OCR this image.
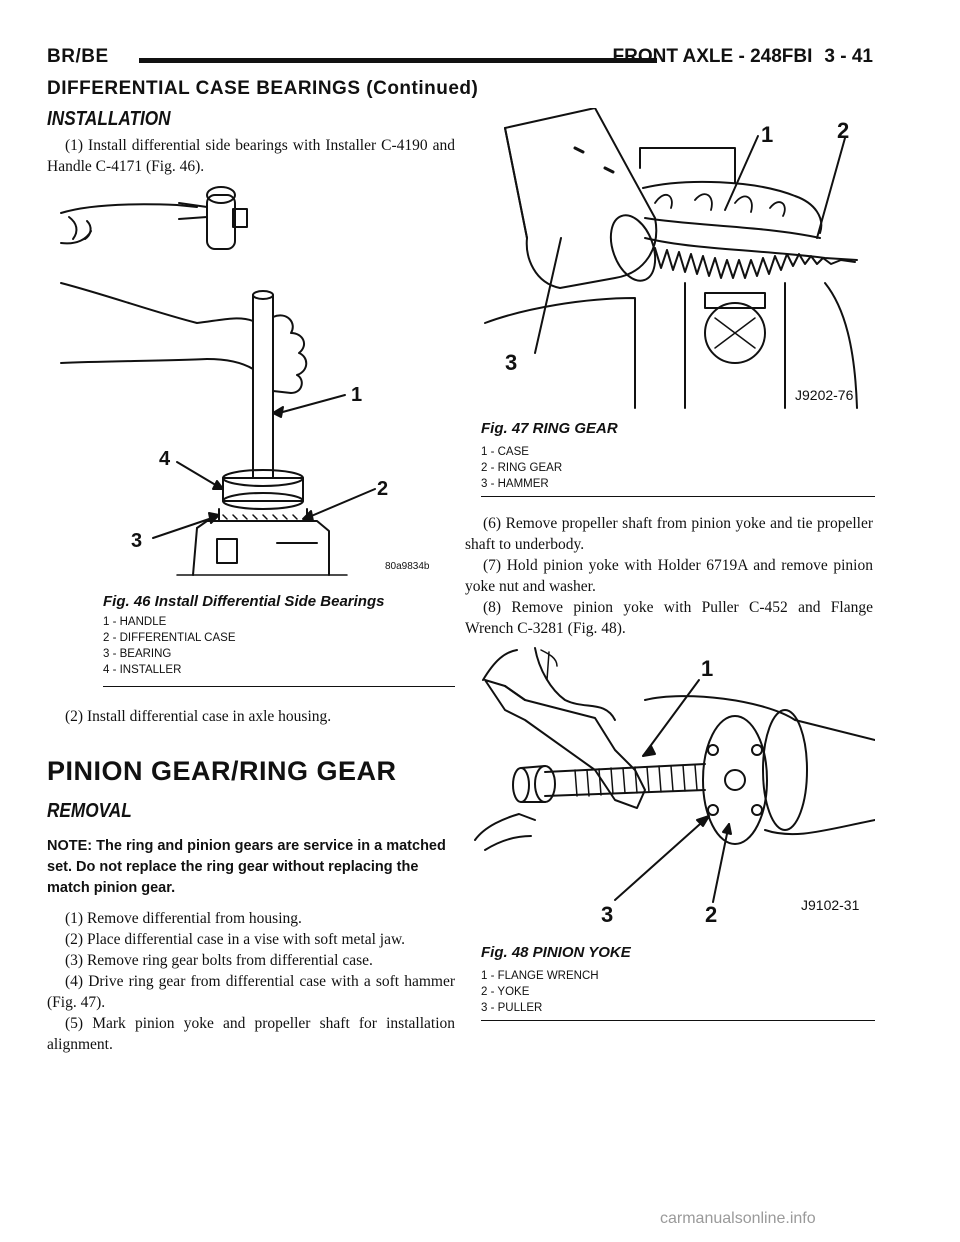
BR/BE	FRONT AXLE - 248FBI 3 - 41
DIFFERENTIAL CASE BEARINGS (Continued)
INSTALLATION

(1) Install differential side bearings with Installer C-4190 and Handle C-4171 (Fig. 46).

1
2
3
4
80a9834b
Fig. 46 Install Differential Side Bearings
1 - HANDLE
2 - DIFFERENTIAL CASE
3 - BEARING
4 - INSTALLER

(2) Install differential case in axle housing.

PINION GEAR/RING GEAR
REMOVAL

NOTE: The ring and pinion gears are service in a matched set. Do not replace the ring gear without replacing the match pinion gear.

(1) Remove differential from housing.

(2) Place differential case in a vise with soft metal jaw.

(3) Remove ring gear bolts from differential case.

(4) Drive ring gear from differential case with a soft hammer (Fig. 47).

(5) Mark pinion yoke and propeller shaft for installation alignment.

1	2
3
J9202-76
Fig. 47 RING GEAR
1 - CASE
2 - RING GEAR
3 - HAMMER

(6) Remove propeller shaft from pinion yoke and tie propeller shaft to underbody.

(7) Hold pinion yoke with Holder 6719A and remove pinion yoke nut and washer.

(8) Remove pinion yoke with Puller C-452 and Flange Wrench C-3281 (Fig. 48).

1
3	2	J9102-31
Fig. 48 PINION YOKE
1 - FLANGE WRENCH
2 - YOKE
3 - PULLER
carmanualsonline.info
